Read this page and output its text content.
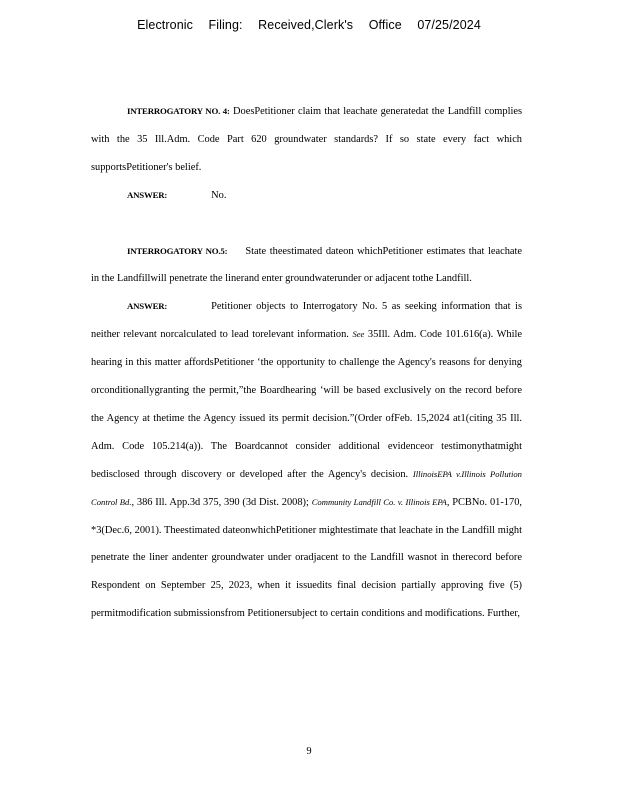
Electronic Filing: Received,Clerk's Office 07/25/2024

INTERROGATORY NO. 4: DoesPetitioner claim that leachate generatedat the Landfill complies with the 35 Ill.Adm. Code Part 620 groundwater standards? If so state every fact which supportsPetitioner's belief.

ANSWER:	No.

INTERROGATORY NO.5: State theestimated dateon whichPetitioner estimates that leachate in the Landfillwill penetrate the linerand enter groundwaterunder or adjacent tothe Landfill.

ANSWER:	Petitioner objects to Interrogatory No. 5 as seeking information that is neither relevant norcalculated to lead torelevant information. See 35Ill. Adm. Code 101.616(a). While hearing in this matter affordsPetitioner ‘the opportunity to challenge the Agency's reasons for denying orconditionallygranting the permit,”the Boardhearing ‘will be based exclusively on the record before the Agency at thetime the Agency issued its permit decision.”(Order ofFeb. 15,2024 at1(citing 35 Ill. Adm. Code 105.214(a)). The Boardcannot consider additional evidenceor testimonythatmight bedisclosed through discovery or developed after the Agency's decision. IllinoisEPA v.Illinois Pollution Control Bd., 386 Ill. App.3d 375, 390 (3d Dist. 2008); Community Landfill Co. v. Illinois EPA, PCBNo. 01-170, *3(Dec.6, 2001). Theestimated dateonwhichPetitioner mightestimate that leachate in the Landfill might penetrate the liner andenter groundwater under oradjacent to the Landfill wasnot in therecord before Respondent on September 25, 2023, when it issuedits final decision partially approving five (5) permitmodification submissionsfrom Petitionersubject to certain conditions and modifications. Further,

9
